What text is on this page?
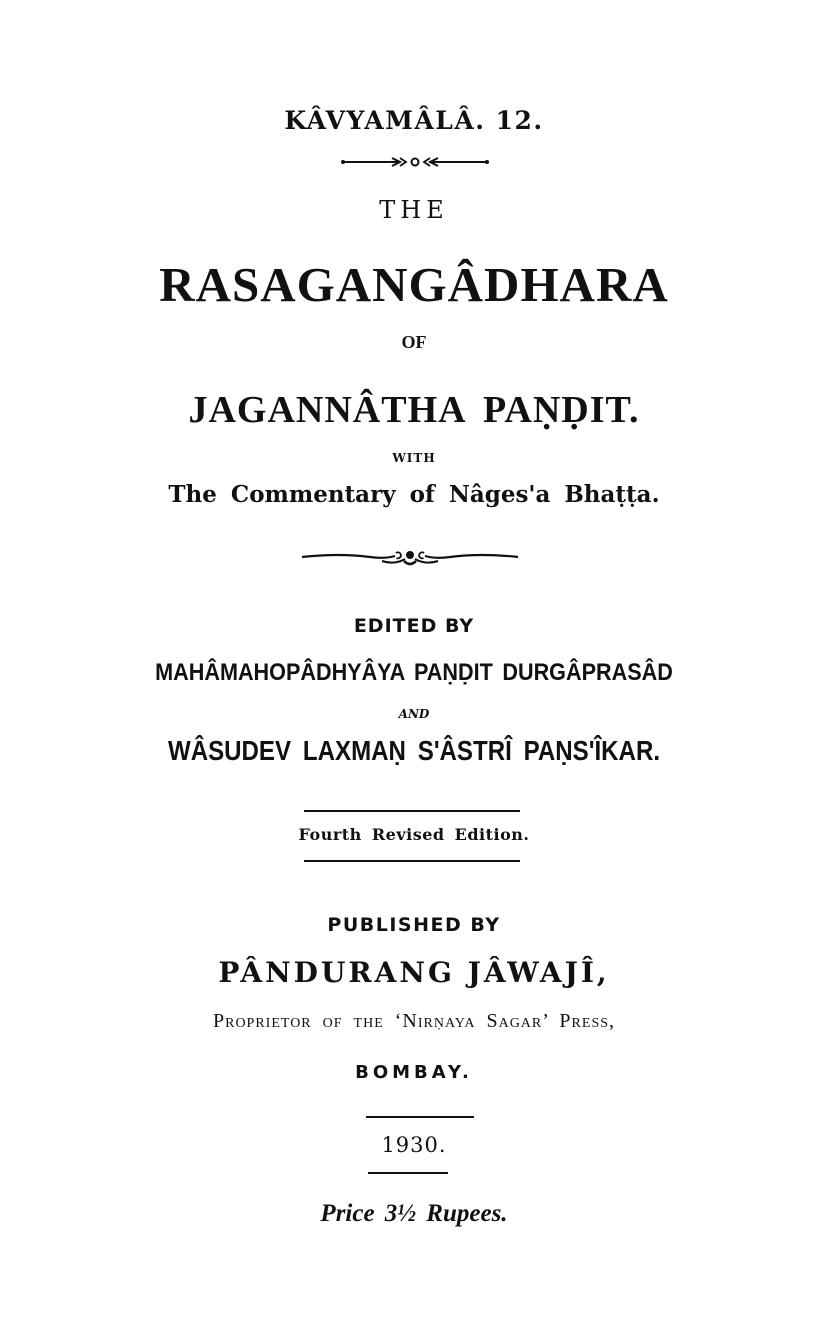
KÂVYAMÂLÂ. 12.
THE
RASAGANGÂDHARA
OF
JAGANNÂTHA PAṆḌIT.
WITH
The Commentary of Nâges'a Bhaṭṭa.
EDITED BY
MAHÂMAHOPÂDHYÂYA PAṆḌIT DURGÂPRASÂD
AND
WÂSUDEV LAXMAṆ S'ÂSTRÎ PAṆS'ÎKAR.
Fourth Revised Edition.
PUBLISHED BY
PÂNDURANG JÂWAJÎ,
Proprietor of the ‘Nirṇaya Sagar’ Press,
BOMBAY.
1930.
Price 3½ Rupees.
